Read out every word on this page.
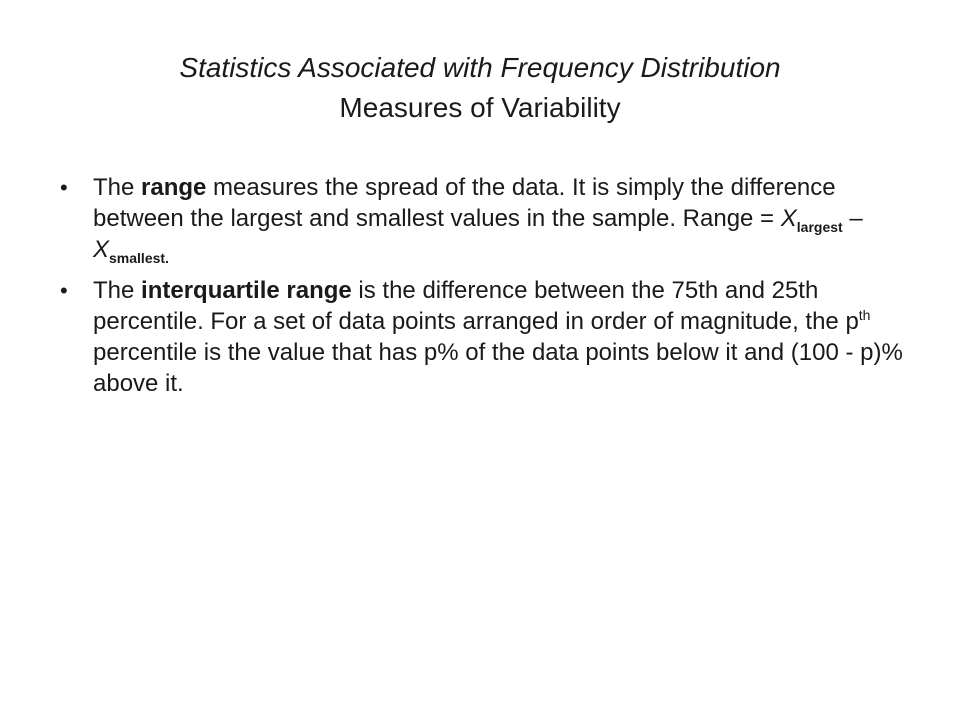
Statistics Associated with Frequency Distribution
Measures of Variability
• The range measures the spread of the data. It is simply the difference between the largest and smallest values in the sample. Range = $X_{largest} - X_{smallest.}$
• The interquartile range is the difference between the 75th and 25th percentile. For a set of data points arranged in order of magnitude, the $p^{th}$ percentile is the value that has p% of the data points below it and (100 - p)% above it.
